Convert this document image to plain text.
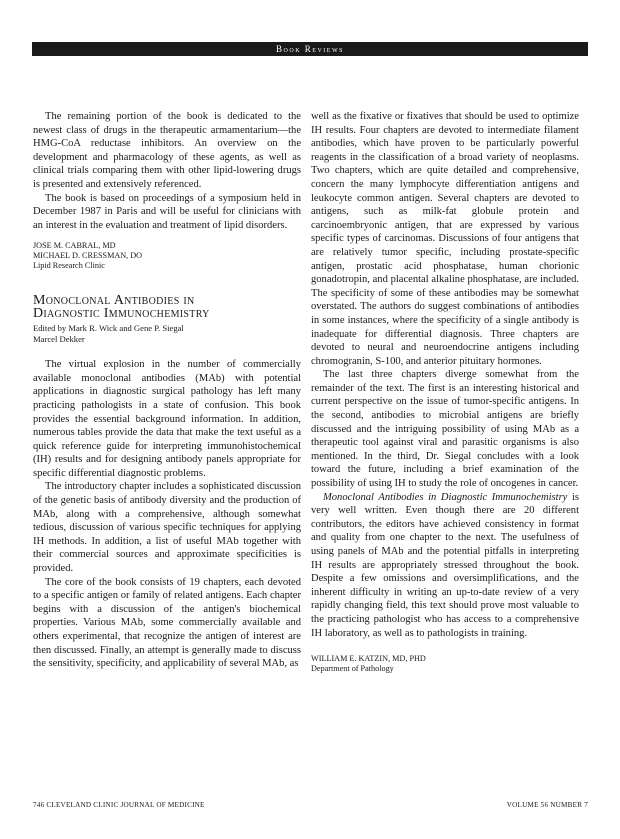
Book Reviews

The remaining portion of the book is dedicated to the newest class of drugs in the therapeutic armamentarium—the HMG-CoA reductase inhibitors. An overview on the development and pharmacology of these agents, as well as clinical trials comparing them with other lipid-lowering drugs is presented and extensively referenced.

The book is based on proceedings of a symposium held in December 1987 in Paris and will be useful for clinicians with an interest in the evaluation and treatment of lipid disorders.

JOSE M. CABRAL, MD
MICHAEL D. CRESSMAN, DO
Lipid Research Clinic
Monoclonal Antibodies in
Diagnostic Immunochemistry
Edited by Mark R. Wick and Gene P. Siegal
Marcel Dekker

The virtual explosion in the number of commercially available monoclonal antibodies (MAb) with potential applications in diagnostic surgical pathology has left many practicing pathologists in a state of confusion. This book provides the essential background information. In addition, numerous tables provide the data that make the text useful as a quick reference guide for interpreting immunohistochemical (IH) results and for designing antibody panels appropriate for specific differential diagnostic problems.

The introductory chapter includes a sophisticated discussion of the genetic basis of antibody diversity and the production of MAb, along with a comprehensive, although somewhat tedious, discussion of various specific techniques for applying IH methods. In addition, a list of useful MAb together with their commercial sources and approximate specificities is provided.

The core of the book consists of 19 chapters, each devoted to a specific antigen or family of related antigens. Each chapter begins with a discussion of the antigen's biochemical properties. Various MAb, some commercially available and others experimental, that recognize the antigen of interest are then discussed. Finally, an attempt is generally made to discuss the sensitivity, specificity, and applicability of several MAb, as

well as the fixative or fixatives that should be used to optimize IH results. Four chapters are devoted to intermediate filament antibodies, which have proven to be particularly powerful reagents in the classification of a broad variety of neoplasms. Two chapters, which are quite detailed and comprehensive, concern the many lymphocyte differentiation antigens and leukocyte common antigen. Several chapters are devoted to antigens, such as milk-fat globule protein and carcinoembryonic antigen, that are expressed by various specific types of carcinomas. Discussions of four antigens that are relatively tumor specific, including prostate-specific antigen, prostatic acid phosphatase, human chorionic gonadotropin, and placental alkaline phosphatase, are included. The specificity of some of these antibodies may be somewhat overstated. The authors do suggest combinations of antibodies in some instances, where the specificity of a single antibody is inadequate for differential diagnosis. Three chapters are devoted to neural and neuroendocrine antigens including chromogranin, S-100, and anterior pituitary hormones.

The last three chapters diverge somewhat from the remainder of the text. The first is an interesting historical and current perspective on the issue of tumor-specific antigens. In the second, antibodies to microbial antigens are briefly discussed and the intriguing possibility of using MAb as a therapeutic tool against viral and parasitic organisms is also mentioned. In the third, Dr. Siegal concludes with a look toward the future, including a brief examination of the possibility of using IH to study the role of oncogenes in cancer.

Monoclonal Antibodies in Diagnostic Immunochemistry is very well written. Even though there are 20 different contributors, the editors have achieved consistency in format and quality from one chapter to the next. The usefulness of using panels of MAb and the potential pitfalls in interpreting IH results are appropriately stressed throughout the book. Despite a few omissions and oversimplifications, and the inherent difficulty in writing an up-to-date review of a very rapidly changing field, this text should prove most valuable to the practicing pathologist who has access to a comprehensive IH laboratory, as well as to pathologists in training.

WILLIAM E. KATZIN, MD, PHD
Department of Pathology
746 CLEVELAND CLINIC JOURNAL OF MEDICINE	VOLUME 56 NUMBER 7
